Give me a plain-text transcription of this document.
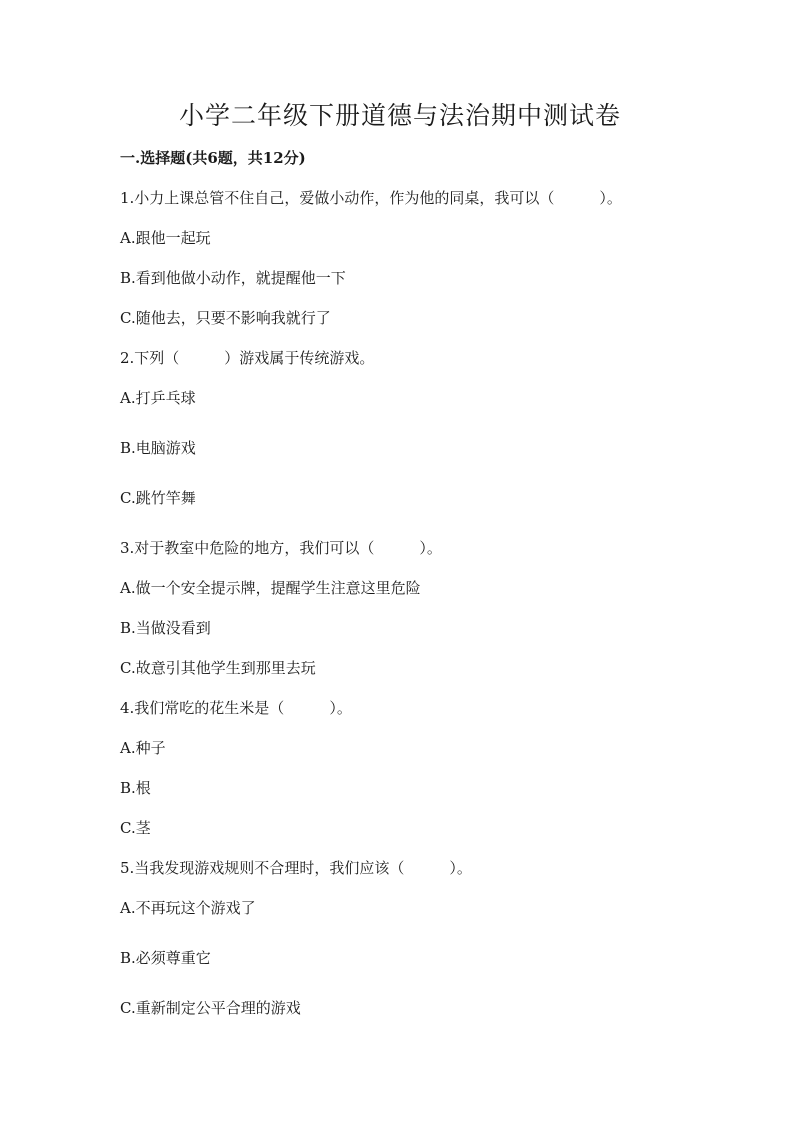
小学二年级下册道德与法治期中测试卷
一.选择题(共6题，共12分)
1.小力上课总管不住自己，爱做小动作，作为他的同桌，我可以（　　　）。
A.跟他一起玩
B.看到他做小动作，就提醒他一下
C.随他去，只要不影响我就行了
2.下列（　　　）游戏属于传统游戏。
A.打乒乓球
B.电脑游戏
C.跳竹竿舞
3.对于教室中危险的地方，我们可以（　　　）。
A.做一个安全提示牌，提醒学生注意这里危险
B.当做没看到
C.故意引其他学生到那里去玩
4.我们常吃的花生米是（　　　）。
A.种子
B.根
C.茎
5.当我发现游戏规则不合理时，我们应该（　　　）。
A.不再玩这个游戏了
B.必须尊重它
C.重新制定公平合理的游戏
